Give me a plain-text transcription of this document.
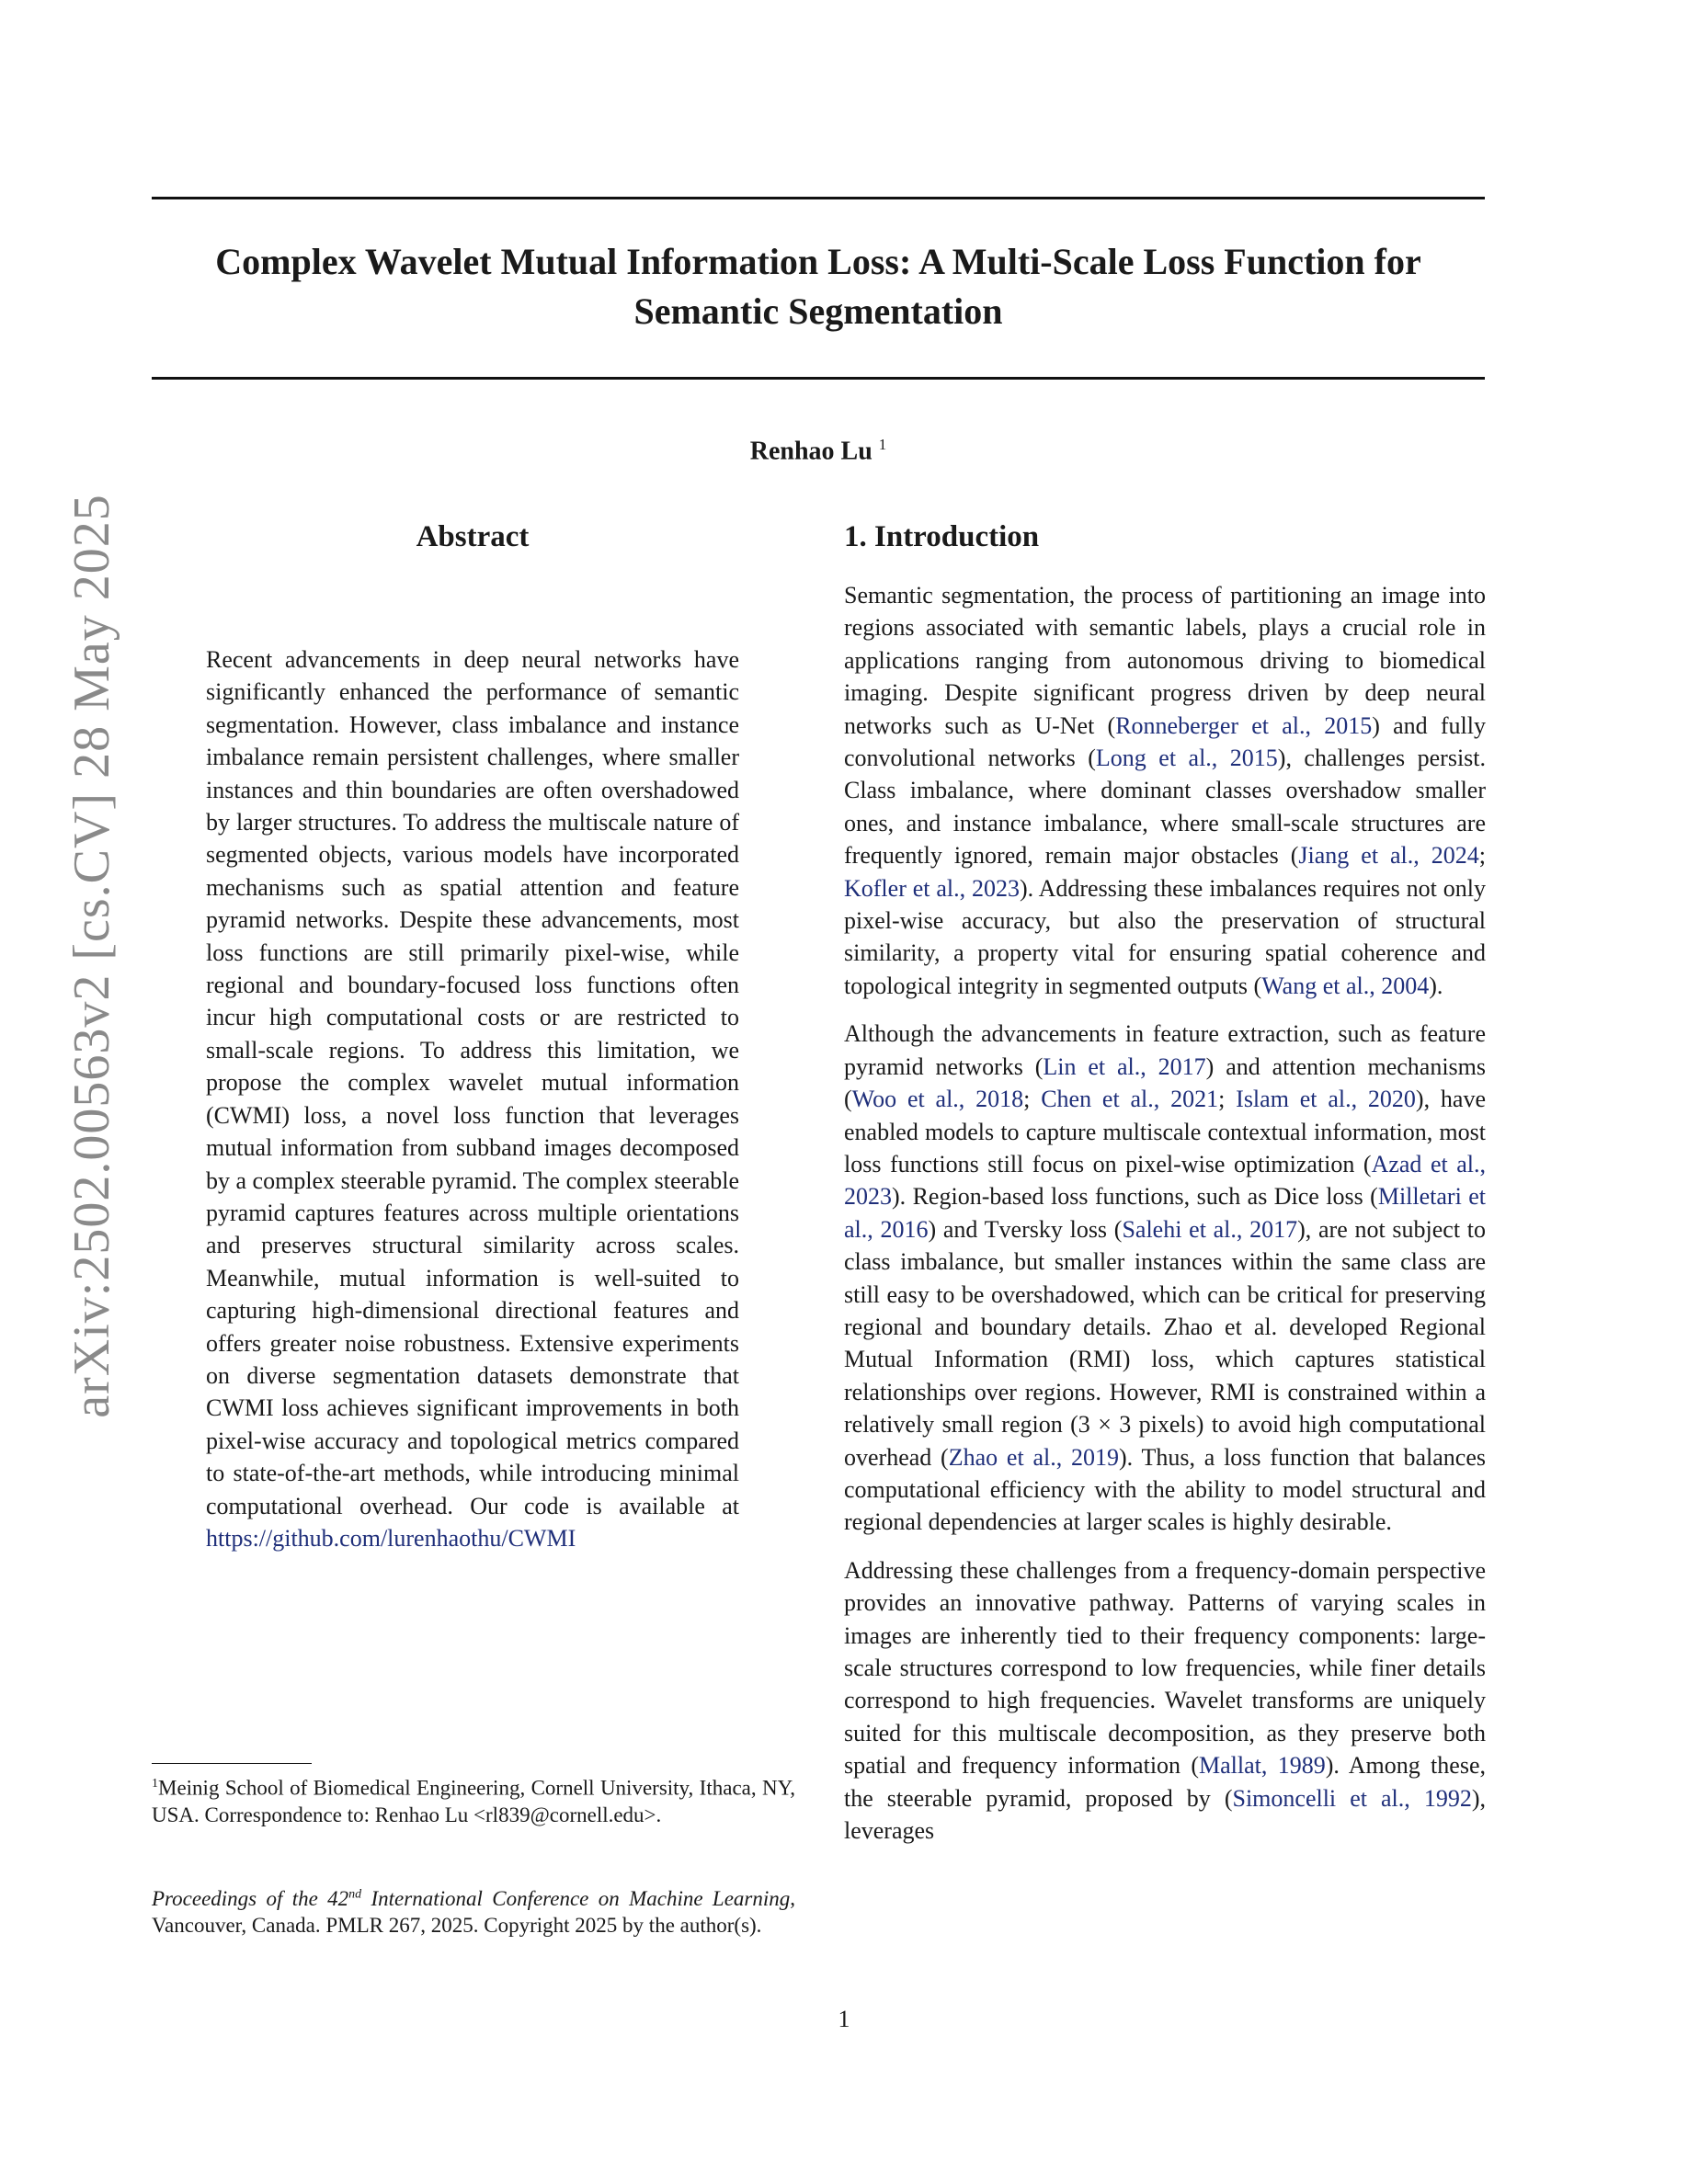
Complex Wavelet Mutual Information Loss: A Multi-Scale Loss Function for Semantic Segmentation

Renhao Lu $^1$

arXiv:2502.00563v2 [cs.CV] 28 May 2025	Abstract

Recent advancements in deep neural networks have significantly enhanced the performance of semantic segmentation. However, class imbalance and instance imbalance remain persistent challenges, where smaller instances and thin boundaries are often overshadowed by larger structures. To address the multiscale nature of segmented objects, various models have incorporated mechanisms such as spatial attention and feature pyramid networks. Despite these advancements, most loss functions are still primarily pixel-wise, while regional and boundary-focused loss functions often incur high computational costs or are restricted to small-scale regions. To address this limitation, we propose the complex wavelet mutual information (CWMI) loss, a novel loss function that leverages mutual information from subband images decomposed by a complex steerable pyramid. The complex steerable pyramid captures features across multiple orientations and preserves structural similarity across scales. Meanwhile, mutual information is well-suited to capturing high-dimensional directional features and offers greater noise robustness. Extensive experiments on diverse segmentation datasets demonstrate that CWMI loss achieves significant improvements in both pixel-wise accuracy and topological metrics compared to state-of-the-art methods, while introducing minimal computational overhead. Our code is available at https://github.com/lurenhaothu/CWMI

1. Introduction

Semantic segmentation, the process of partitioning an image into regions associated with semantic labels, plays a crucial role in applications ranging from autonomous driving to biomedical imaging. Despite significant progress driven by deep neural networks such as U-Net (Ronneberger et al., 2015) and fully convolutional networks (Long et al., 2015), challenges persist. Class imbalance, where dominant classes overshadow smaller ones, and instance imbalance, where small-scale structures are frequently ignored, remain major obstacles (Jiang et al., 2024; Kofler et al., 2023). Addressing these imbalances requires not only pixel-wise accuracy, but also the preservation of structural similarity, a property vital for ensuring spatial coherence and topological integrity in segmented outputs (Wang et al., 2004).

Although the advancements in feature extraction, such as feature pyramid networks (Lin et al., 2017) and attention mechanisms (Woo et al., 2018; Chen et al., 2021; Islam et al., 2020), have enabled models to capture multiscale contextual information, most loss functions still focus on pixel-wise optimization (Azad et al., 2023). Region-based loss functions, such as Dice loss (Milletari et al., 2016) and Tversky loss (Salehi et al., 2017), are not subject to class imbalance, but smaller instances within the same class are still easy to be overshadowed, which can be critical for preserving regional and boundary details. Zhao et al. developed Regional Mutual Information (RMI) loss, which captures statistical relationships over regions. However, RMI is constrained within a relatively small region (3 × 3 pixels) to avoid high computational overhead (Zhao et al., 2019). Thus, a loss function that balances computational efficiency with the ability to model structural and regional dependencies at larger scales is highly desirable.

Addressing these challenges from a frequency-domain perspective provides an innovative pathway. Patterns of varying scales in images are inherently tied to their frequency components: large-scale structures correspond to low frequencies, while finer details correspond to high frequencies. Wavelet transforms are uniquely suited for this multiscale decomposition, as they preserve both spatial and frequency information (Mallat, 1989). Among these, the steerable pyramid, proposed by (Simoncelli et al., 1992), leverages

$^1$Meinig School of Biomedical Engineering, Cornell University, Ithaca, NY, USA. Correspondence to: Renhao Lu <rl839@cornell.edu>.

Proceedings of the 42nd International Conference on Machine Learning, Vancouver, Canada. PMLR 267, 2025. Copyright 2025 by the author(s).

1
